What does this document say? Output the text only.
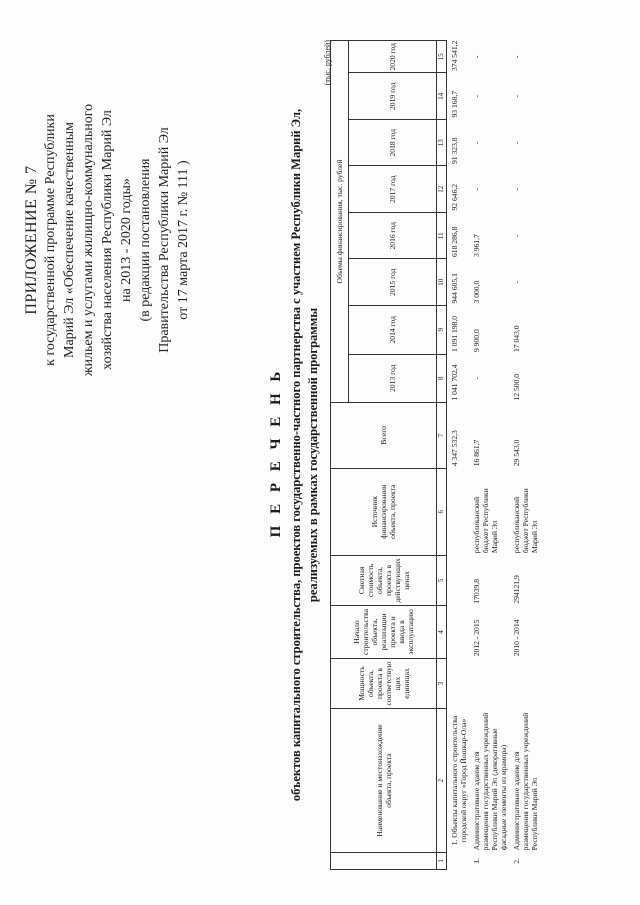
ПРИЛОЖЕНИЕ № 7 к государственной программе Республики Марий Эл «Обеспечение качественным жильем и услугами жилищно-коммунального хозяйства населения Республики Марий Эл на 2013 - 2020 годы» (в редакции постановления Правительства Республики Марий Эл от 17 марта 2017 г. № 111 )
П Е Р Е Ч Е Н Ь объектов капитального строительства, проектов государственно-частного партнерства с участием Республики Марий Эл, реализуемых в рамках государственной программы
(тыс. рублей)
	Наименование и местонахождение объекта, проекта	Мощность объекта, проекта в соответствую щих единицах	Начало строительства объекта, реализации проекта и ввода в эксплуатацию	Сметная стоимость объекта, проекта в действующих ценах	Источник финансирования объекта, проекта	Всего	Объемы финансирования, тыс. рублей							
							2013 год	2014 год	2015 год	2016 год	2017 год	2018 год	2019 год	2020 год
1	2	3	4	5	6	7	8	9	10	11	12	13	14	15
	1. Объекты капитального строительства городской округ «Город Йошкар-Ола»					4 347 532,3	1 041 702,4	1 091 198,0	944 605,1	618 286,8	92 646,2	91 323,8	93 168,7	374 541,2
1.	Административное здание для размещения государственных учреждений Республики Марий Эл (декоративные фасадные элементы из мрамора)		2012 - 2015	17039,8	республиканский бюджет Республики Марий Эл	16 861,7	-	9 900,0	3 000,0	3 961,7	-	-	-	-
2.	Административное здание для размещения государственных учреждений Республики Марий Эл		2010 - 2014	294121,9	республиканский бюджет Республики Марий Эл	29 543,0	12 500,0	17 043,0	-	-	-	-	-	-
